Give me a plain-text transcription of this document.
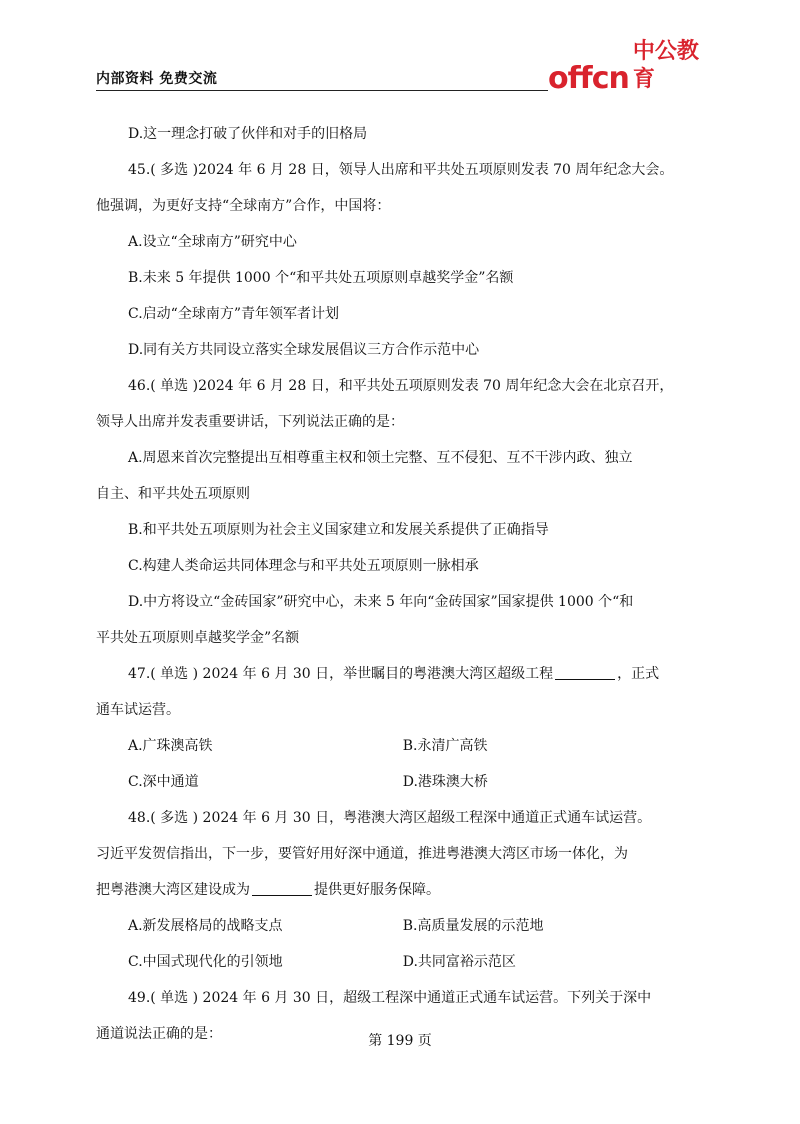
内部资料 免费交流	offcn
中公教育

D.这一理念打破了伙伴和对手的旧格局

45.( 多选 )2024 年 6 月 28 日，领导人出席和平共处五项原则发表 70 周年纪念大会。

他强调，为更好支持“全球南方”合作，中国将：

A.设立“全球南方”研究中心

B.未来 5 年提供 1000 个“和平共处五项原则卓越奖学金”名额

C.启动“全球南方”青年领军者计划

D.同有关方共同设立落实全球发展倡议三方合作示范中心

46.( 单选 )2024 年 6 月 28 日，和平共处五项原则发表 70 周年纪念大会在北京召开，

领导人出席并发表重要讲话，下列说法正确的是：

A.周恩来首次完整提出互相尊重主权和领土完整、互不侵犯、互不干涉内政、独立

自主、和平共处五项原则

B.和平共处五项原则为社会主义国家建立和发展关系提供了正确指导

C.构建人类命运共同体理念与和平共处五项原则一脉相承

D.中方将设立“金砖国家”研究中心，未来 5 年向“金砖国家”国家提供 1000 个“和

平共处五项原则卓越奖学金”名额

47.( 单选 ) 2024 年 6 月 30 日，举世瞩目的粤港澳大湾区超级工程	，正式

通车试运营。

A.广珠澳高铁	B.永清广高铁
C.深中通道	D.港珠澳大桥

48.( 多选 ) 2024 年 6 月 30 日，粤港澳大湾区超级工程深中通道正式通车试运营。

习近平发贺信指出，下一步，要管好用好深中通道，推进粤港澳大湾区市场一体化，为

把粤港澳大湾区建设成为	提供更好服务保障。

A.新发展格局的战略支点	B.高质量发展的示范地
C.中国式现代化的引领地	D.共同富裕示范区

49.( 单选 ) 2024 年 6 月 30 日，超级工程深中通道正式通车试运营。下列关于深中

通道说法正确的是：	第 199 页
